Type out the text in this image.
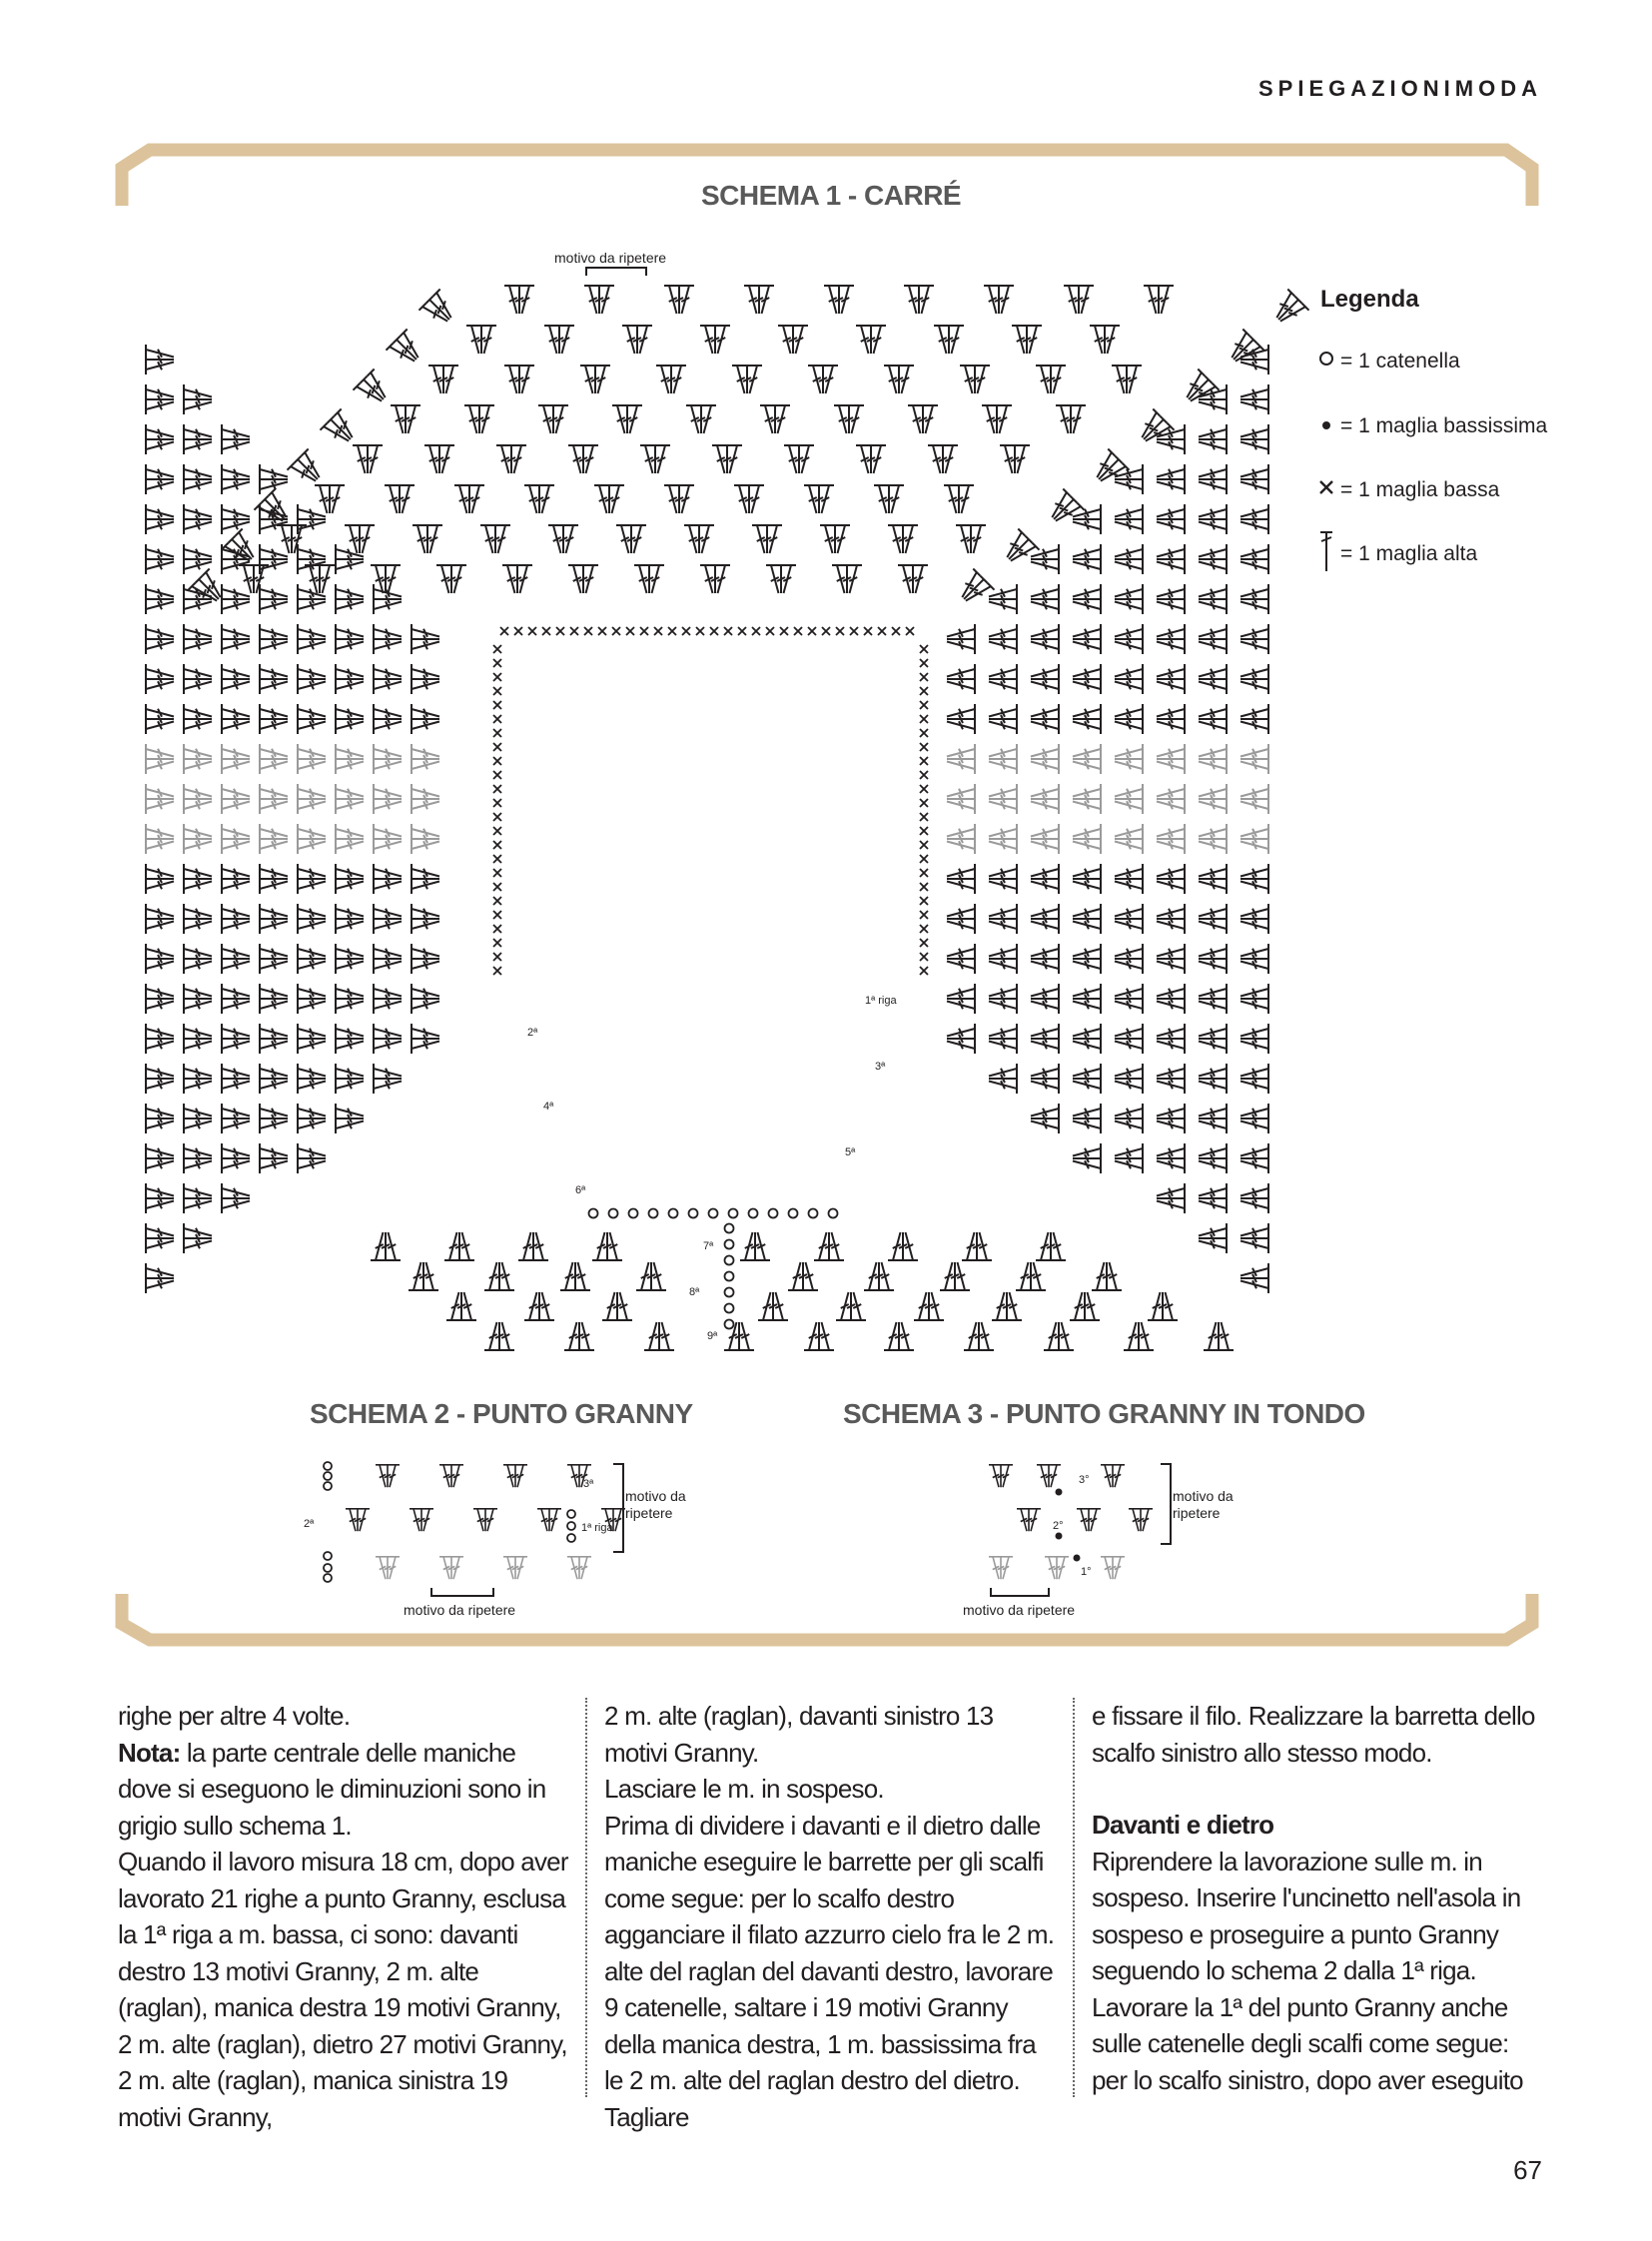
SPIEGAZIONIMODA
SCHEMA 1 - CARRÉ
motivo da ripetere
1ª riga
2ª
3ª
4ª
5ª
6ª
7ª
8ª
9ª
Legenda
= 1 catenella
= 1 maglia bassissima
= 1 maglia bassa
= 1 maglia alta
SCHEMA 2 - PUNTO GRANNY	SCHEMA 3 - PUNTO GRANNY IN TONDO
3ª
2ª	1ª riga
motivo da ripetere
motivo da ripetere
3°
2°
1°
motivo da ripetere
motivo da ripetere

righe per altre 4 volte.

Nota: la parte centrale delle maniche dove si eseguono le diminuzioni sono in grigio sullo schema 1.

Quando il lavoro misura 18 cm, dopo aver lavorato 21 righe a punto Granny, esclusa la 1ª riga a m. bassa, ci sono: davanti destro 13 motivi Granny, 2 m. alte (raglan), manica destra 19 motivi Granny, 2 m. alte (raglan), dietro 27 motivi Granny, 2 m. alte (raglan), manica sinistra 19 motivi Granny,

2 m. alte (raglan), davanti sinistro 13 motivi Granny.

Lasciare le m. in sospeso.

Prima di dividere i davanti e il dietro dalle maniche eseguire le barrette per gli scalfi come segue: per lo scalfo destro agganciare il filato azzurro cielo fra le 2 m. alte del raglan del davanti destro, lavorare 9 catenelle, saltare i 19 motivi Granny della manica destra, 1 m. bassissima fra le 2 m. alte del raglan destro del dietro. Tagliare

e fissare il filo. Realizzare la barretta dello scalfo sinistro allo stesso modo.

Davanti e dietro

Riprendere la lavorazione sulle m. in sospeso. Inserire l'uncinetto nell'asola in sospeso e proseguire a punto Granny seguendo lo schema 2 dalla 1ª riga.

Lavorare la 1ª del punto Granny anche sulle catenelle degli scalfi come segue: per lo scalfo sinistro, dopo aver eseguito

67
